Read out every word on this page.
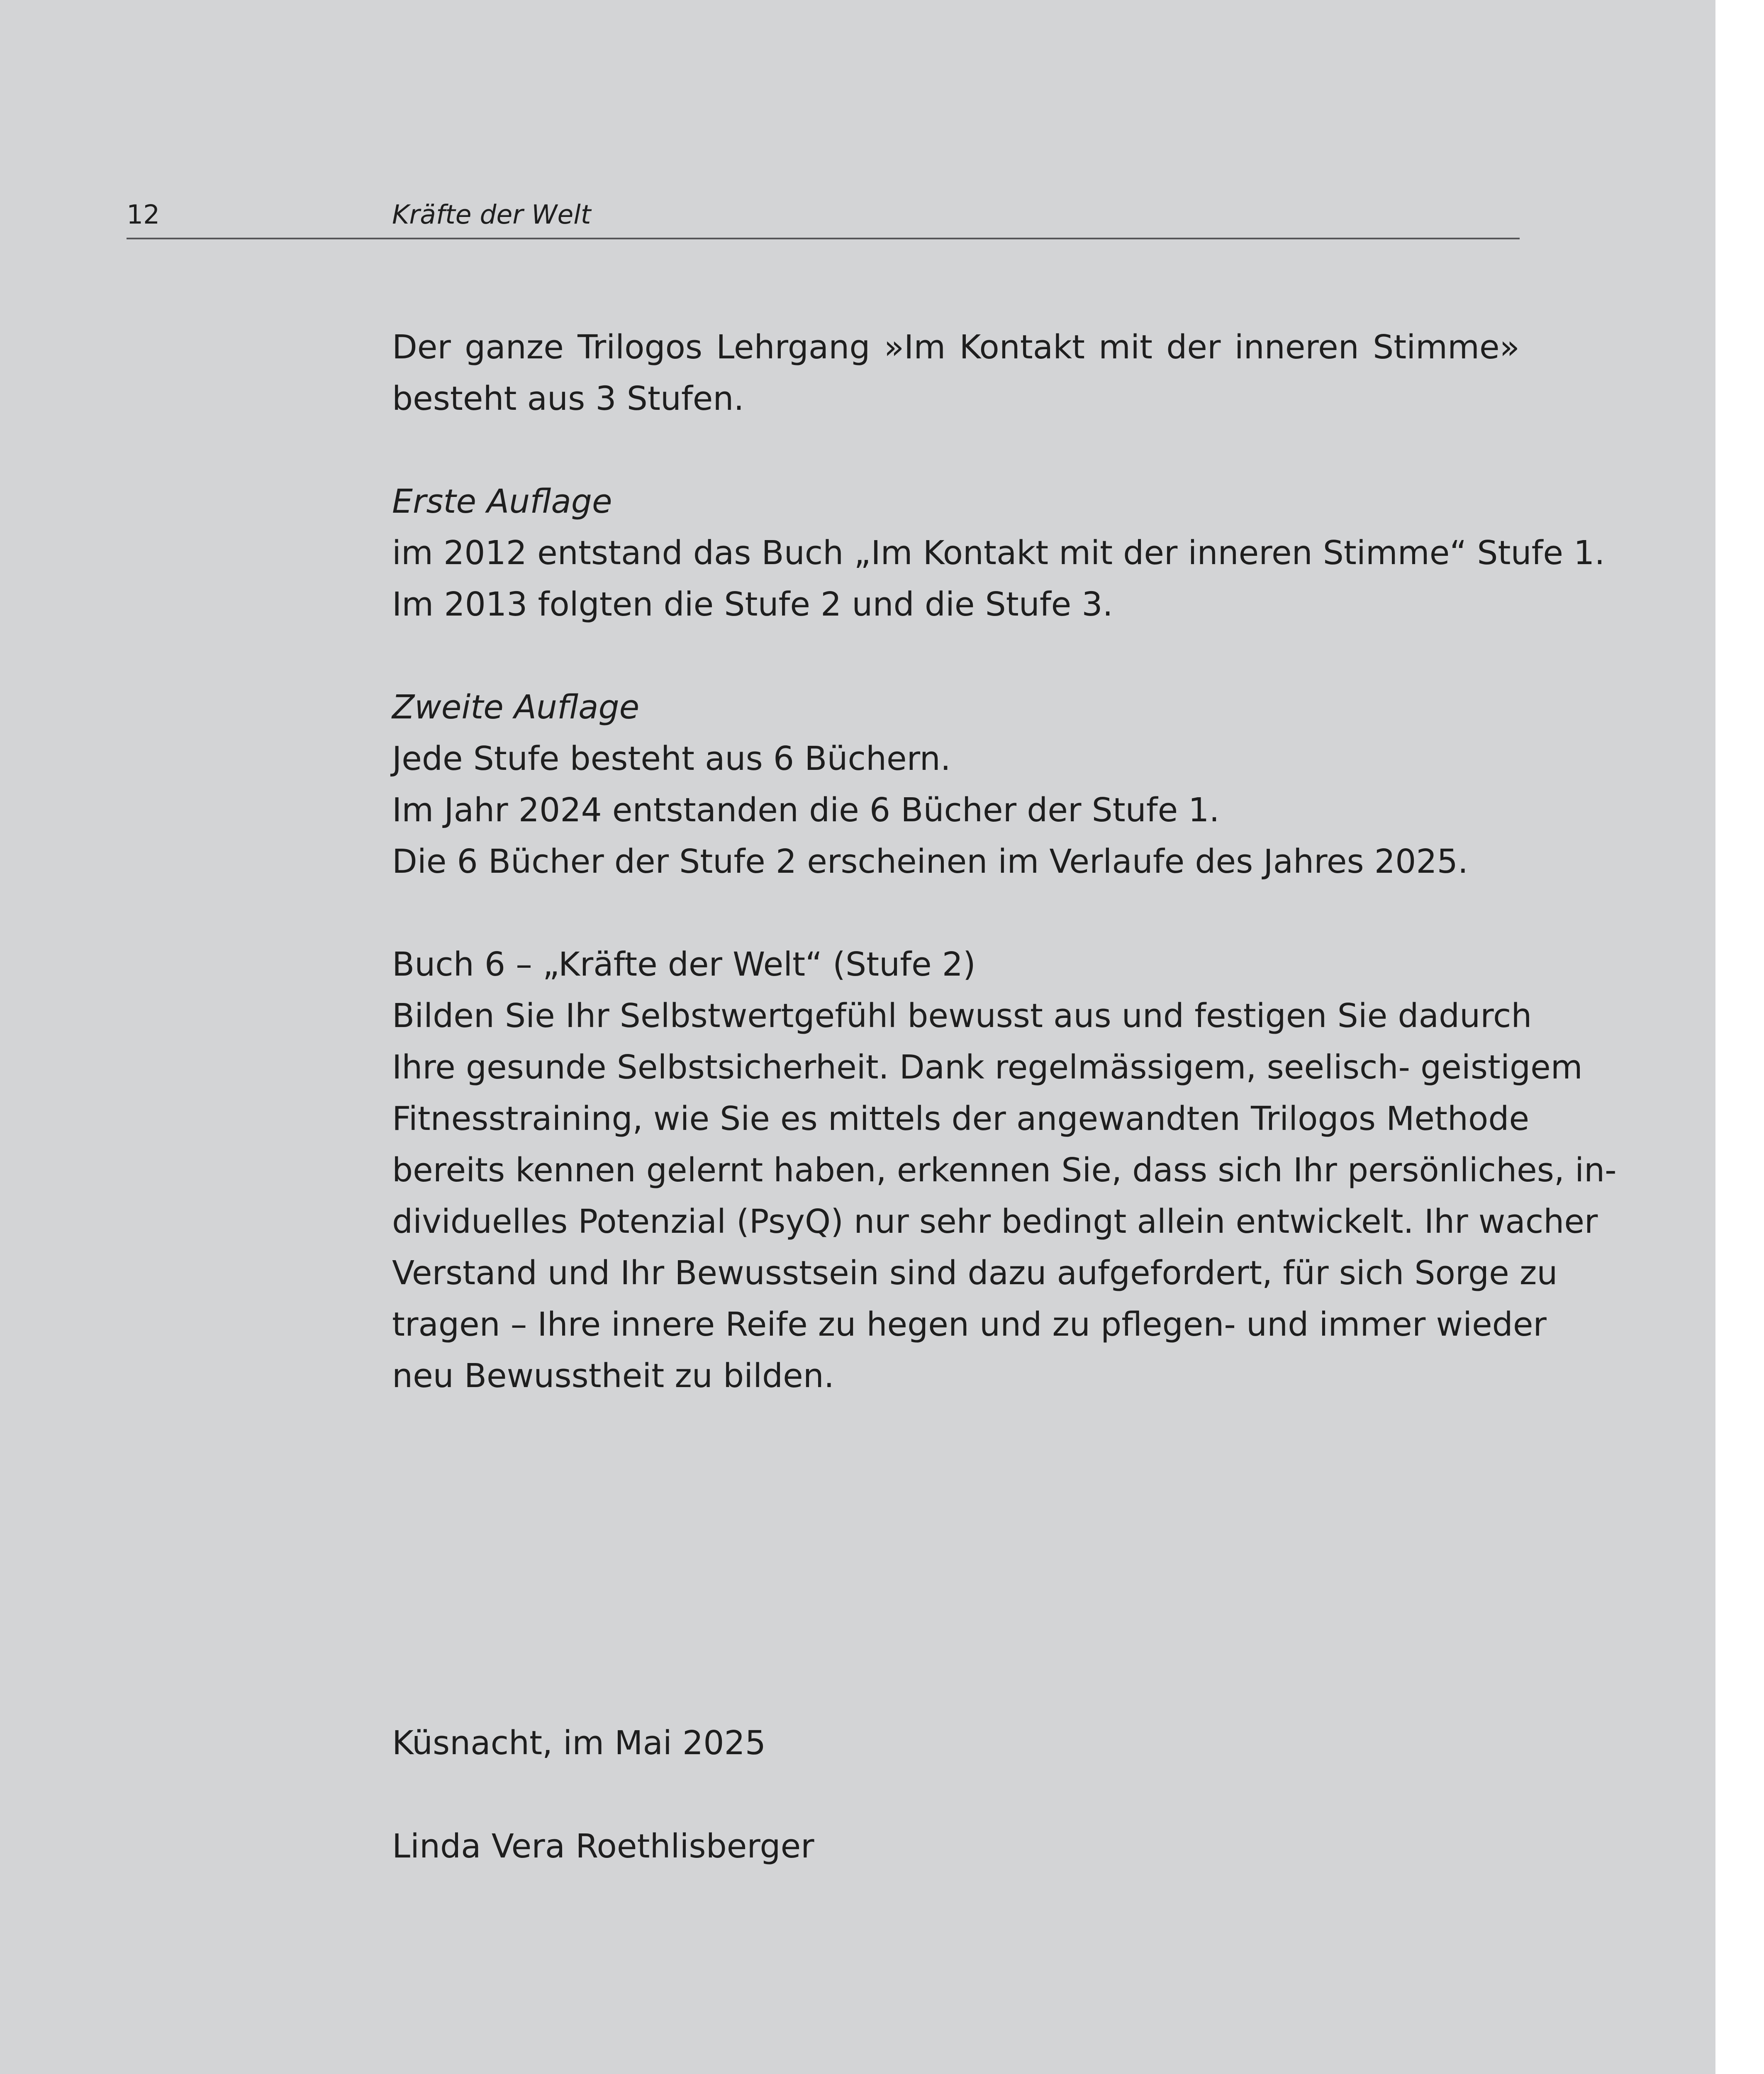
12	Kräfte der Welt
Der ganze Trilogos Lehrgang »Im Kontakt mit der inneren Stimme»
besteht aus 3 Stufen.
Erste Auflage
im 2012 entstand das Buch „Im Kontakt mit der inneren Stimme“ Stufe 1.
Im 2013 folgten die Stufe 2 und die Stufe 3.
Zweite Auflage
Jede Stufe besteht aus 6 Büchern.
Im Jahr 2024 entstanden die 6 Bücher der Stufe 1.
Die 6 Bücher der Stufe 2 erscheinen im Verlaufe des Jahres 2025.
Buch 6 – „Kräfte der Welt“ (Stufe 2)
Bilden Sie Ihr Selbstwertgefühl bewusst aus und festigen Sie dadurch
Ihre gesunde Selbstsicherheit. Dank regelmässigem, seelisch- geistigem
Fitnesstraining, wie Sie es mittels der angewandten Trilogos Methode
bereits kennen gelernt haben, erkennen Sie, dass sich Ihr persönliches, in-
dividuelles Potenzial (PsyQ) nur sehr bedingt allein entwickelt. Ihr wacher
Verstand und Ihr Bewusstsein sind dazu aufgefordert, für sich Sorge zu
tragen – Ihre innere Reife zu hegen und zu pflegen- und immer wieder
neu Bewusstheit zu bilden.
Küsnacht, im Mai 2025
Linda Vera Roethlisberger
